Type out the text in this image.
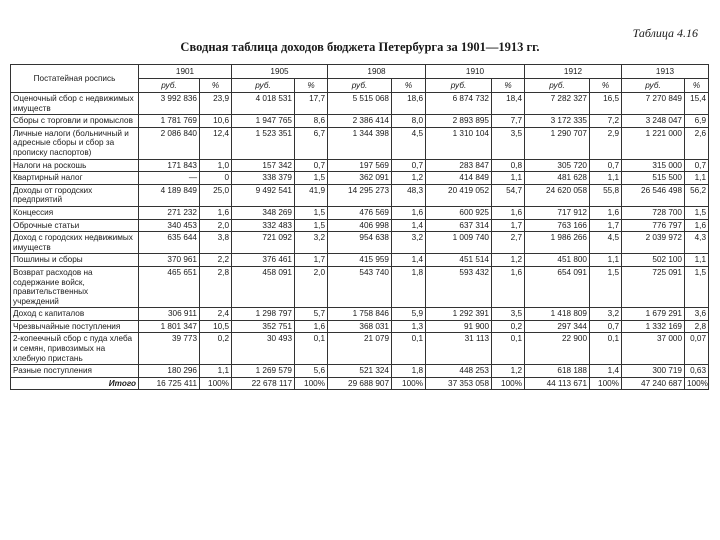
Таблица 4.16
Сводная таблица доходов бюджета Петербурга за 1901—1913 гг.
Постатейная роспись	1901		1905		1908		1910		1912		1913	
	руб.	%	руб.	%	руб.	%	руб.	%	руб.	%	руб.	%
Оценочный сбор с недвижимых имуществ	3 992 836	23,9	4 018 531	17,7	5 515 068	18,6	6 874 732	18,4	7 282 327	16,5	7 270 849	15,4
Сборы с торговли и промыслов	1 781 769	10,6	1 947 765	8,6	2 386 414	8,0	2 893 895	7,7	3 172 335	7,2	3 248 047	6,9
Личные налоги (больничный и адресные сборы и сбор за прописку паспортов)	2 086 840	12,4	1 523 351	6,7	1 344 398	4,5	1 310 104	3,5	1 290 707	2,9	1 221 000	2,6
Налоги на роскошь	171 843	1,0	157 342	0,7	197 569	0,7	283 847	0,8	305 720	0,7	315 000	0,7
Квартирный налог	—	0	338 379	1,5	362 091	1,2	414 849	1,1	481 628	1,1	515 500	1,1
Доходы от городских предприятий	4 189 849	25,0	9 492 541	41,9	14 295 273	48,3	20 419 052	54,7	24 620 058	55,8	26 546 498	56,2
Концессия	271 232	1,6	348 269	1,5	476 569	1,6	600 925	1,6	717 912	1,6	728 700	1,5
Оброчные статьи	340 453	2,0	332 483	1,5	406 998	1,4	637 314	1,7	763 166	1,7	776 797	1,6
Доход с городских недвижимых имуществ	635 644	3,8	721 092	3,2	954 638	3,2	1 009 740	2,7	1 986 266	4,5	2 039 972	4,3
Пошлины и сборы	370 961	2,2	376 461	1,7	415 959	1,4	451 514	1,2	451 800	1,1	502 100	1,1
Возврат расходов на содержание войск, правительственных учреждений	465 651	2,8	458 091	2,0	543 740	1,8	593 432	1,6	654 091	1,5	725 091	1,5
Доход с капиталов	306 911	2,4	1 298 797	5,7	1 758 846	5,9	1 292 391	3,5	1 418 809	3,2	1 679 291	3,6
Чрезвычайные поступления	1 801 347	10,5	352 751	1,6	368 031	1,3	91 900	0,2	297 344	0,7	1 332 169	2,8
2-копеечный сбор с пуда хлеба и семян, привозимых на хлебную пристань	39 773	0,2	30 493	0,1	21 079	0,1	31 113	0,1	22 900	0,1	37 000	0,07
Разные поступления	180 296	1,1	1 269 579	5,6	521 324	1,8	448 253	1,2	618 188	1,4	300 719	0,63
Итого	16 725 411	100%	22 678 117	100%	29 688 907	100%	37 353 058	100%	44 113 671	100%	47 240 687	100%
